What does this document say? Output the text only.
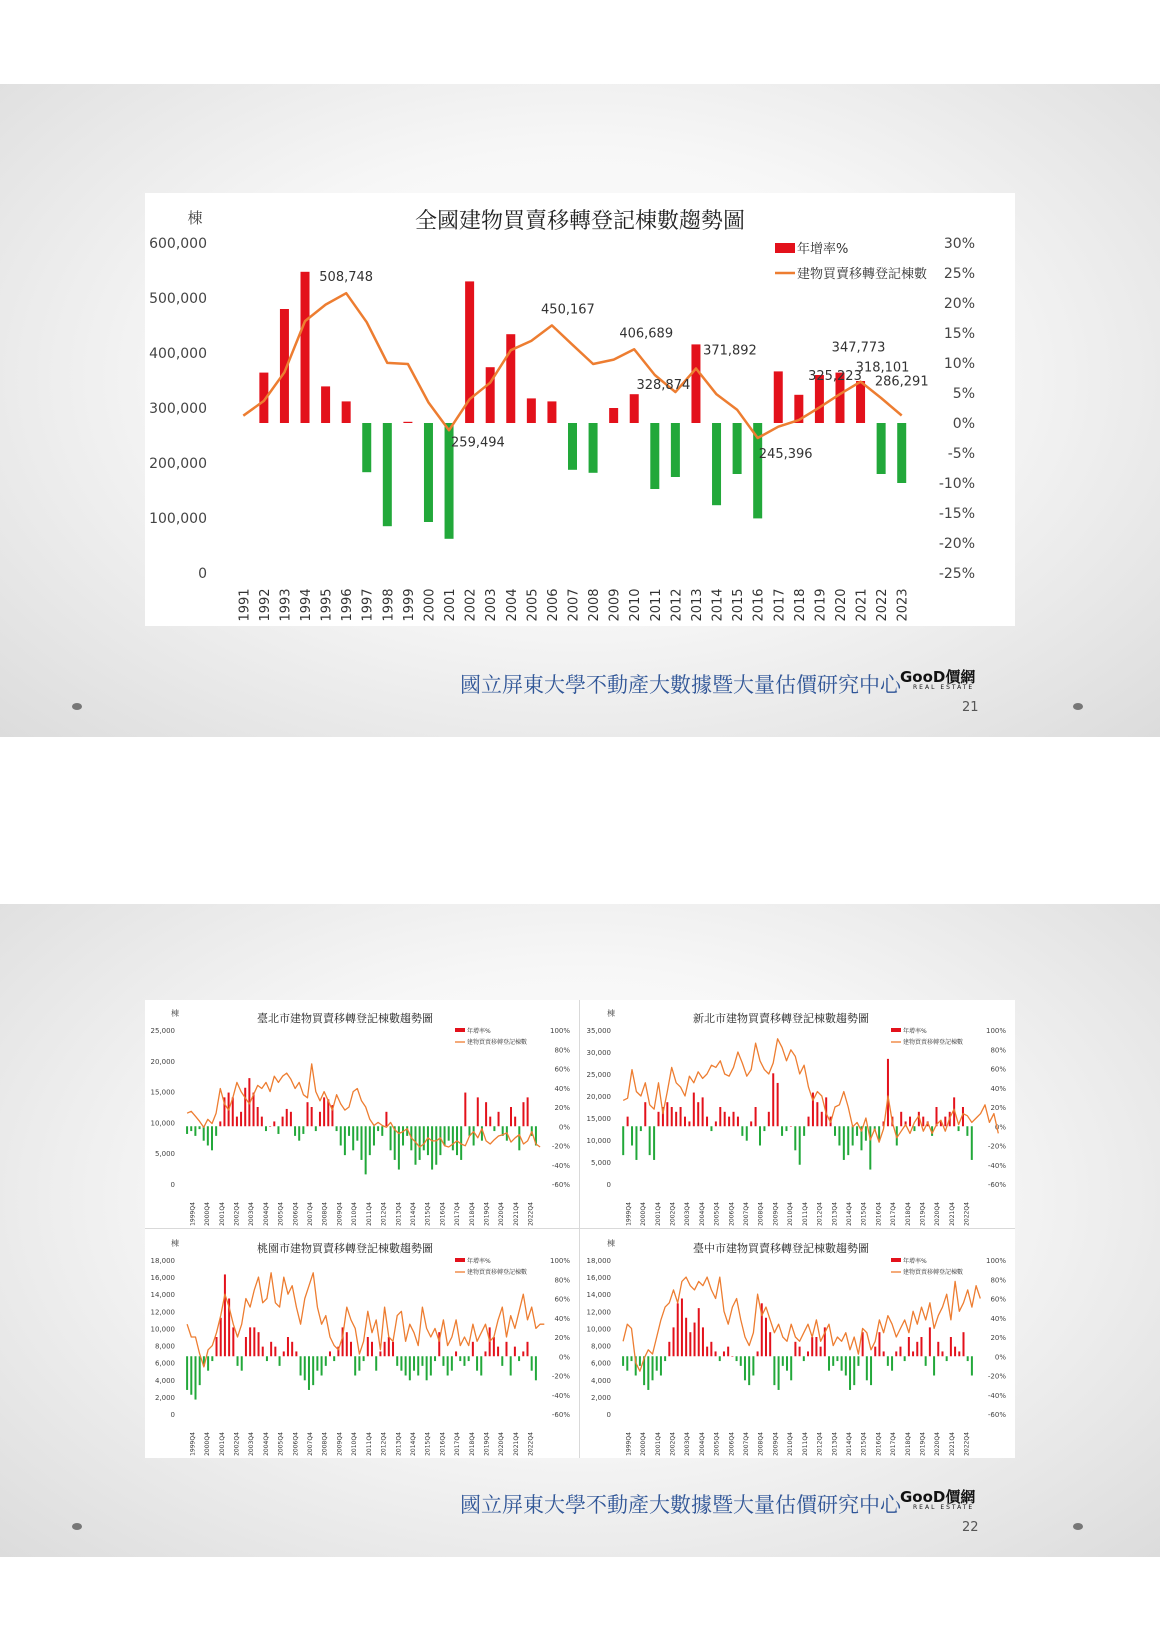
全國建物買賣移轉登記棟數趨勢圖
棟
600,000
500,000
400,000
300,000
200,000
100,000
0
30%
25%
20%
15%
10%
5%
0%
-5%
-10%
-15%
-20%
-25%
1991 1992 1993 1994 1995 1996 1997 1998 1999 2000 2001 2002 2003 2004 2005 2006 2007 2008 2009 2010 2011 2012 2013 2014 2015 2016 2017 2018 2019 2020 2021 2022 2023
508,748
259,494
450,167
406,689
328,874
371,892
245,396
325,223
347,773
318,101
286,291
年增率%
建物買賣移轉登記棟數
國立屏東大學不動產大數據暨大量估價研究中心 GooD價網
REAL ESTATE
21
臺北市建物買賣移轉登記棟數趨勢圖
棟
25,000
20,000
15,000
10,000
5,000
0
100%
80%
60%
40%
20%
0%
-20%
-40%
-60%
1999Q4 2000Q4 2001Q4 2002Q4 2003Q4 2004Q4 2005Q4 2006Q4 2007Q4 2008Q4 2009Q4 2010Q4 2011Q4 2012Q4 2013Q4 2014Q4 2015Q4 2016Q4 2017Q4 2018Q4 2019Q4 2020Q4 2021Q4 2022Q4
年增率%
建物買賣移轉登記棟數
新北市建物買賣移轉登記棟數趨勢圖
棟
35,000
30,000
25,000
20,000
15,000
10,000
5,000
0
100%
80%
60%
40%
20%
0%
-20%
-40%
-60%
1999Q4 2000Q4 2001Q4 2002Q4 2003Q4 2004Q4 2005Q4 2006Q4 2007Q4 2008Q4 2009Q4 2010Q4 2011Q4 2012Q4 2013Q4 2014Q4 2015Q4 2016Q4 2017Q4 2018Q4 2019Q4 2020Q4 2021Q4 2022Q4
年增率%
建物買賣移轉登記棟數
桃園市建物買賣移轉登記棟數趨勢圖
棟
18,000
16,000
14,000
12,000
10,000
8,000
6,000
4,000
2,000
0
100%
80%
60%
40%
20%
0%
-20%
-40%
-60%
1999Q4 2000Q4 2001Q4 2002Q4 2003Q4 2004Q4 2005Q4 2006Q4 2007Q4 2008Q4 2009Q4 2010Q4 2011Q4 2012Q4 2013Q4 2014Q4 2015Q4 2016Q4 2017Q4 2018Q4 2019Q4 2020Q4 2021Q4 2022Q4
年增率%
建物買賣移轉登記棟數
臺中市建物買賣移轉登記棟數趨勢圖
棟
18,000
16,000
14,000
12,000
10,000
8,000
6,000
4,000
2,000
0
100%
80%
60%
40%
20%
0%
-20%
-40%
-60%
1999Q4 2000Q4 2001Q4 2002Q4 2003Q4 2004Q4 2005Q4 2006Q4 2007Q4 2008Q4 2009Q4 2010Q4 2011Q4 2012Q4 2013Q4 2014Q4 2015Q4 2016Q4 2017Q4 2018Q4 2019Q4 2020Q4 2021Q4 2022Q4
年增率%
建物買賣移轉登記棟數
國立屏東大學不動產大數據暨大量估價研究中心 GooD價網
REAL ESTATE
22
